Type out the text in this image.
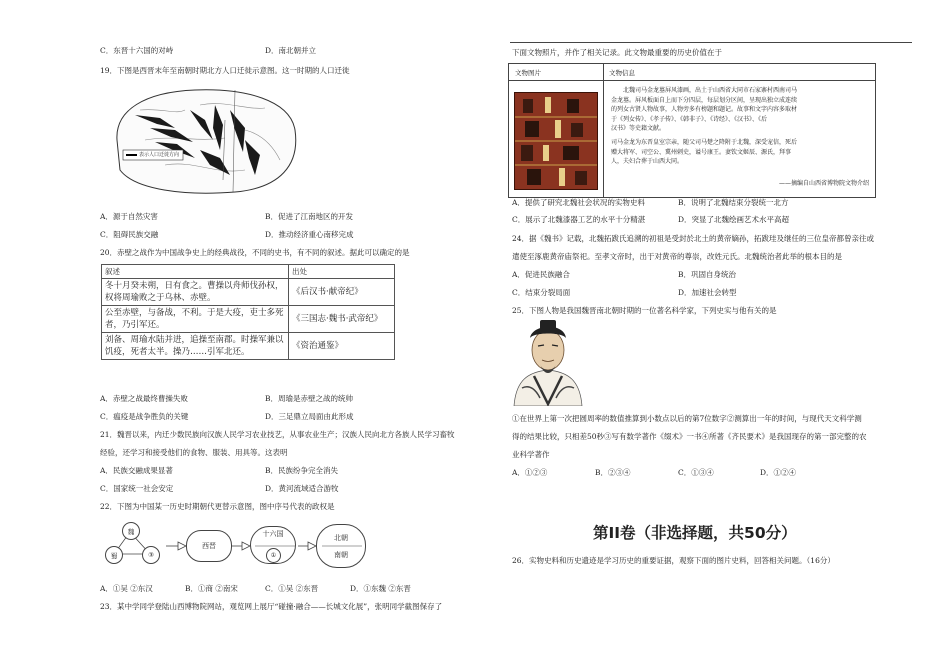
C．东晋十六国的对峙	D．南北朝并立
19．下图是西晋末年至南朝时期北方人口迁徙示意图。这一时期的人口迁徙
表示人口迁徙方向
A．源于自然灾害	B．促进了江南地区的开发
C．阻碍民族交融	D．推动经济重心南移完成
20．赤壁之战作为中国战争史上的经典战役，不同的史书，有不同的叙述。据此可以确定的是
叙述	出处
冬十月癸未朔，日有食之。曹操以舟师伐孙权，权将周瑜败之于乌林、赤壁。	《后汉书·献帝纪》
公至赤壁，与备战，不利。于是大疫，吏士多死者，乃引军还。	《三国志·魏书·武帝纪》
刘备、周瑜水陆并进，追操至南郡。时操军兼以饥疫，死者太半。操乃……引军北还。	《资治通鉴》
A．赤壁之战最终曹操失败	B．周瑜是赤壁之战的统帅
C．瘟疫是战争胜负的关键	D．三足鼎立局面由此形成
21．魏晋以来，内迁少数民族向汉族人民学习农业技艺，从事农业生产；汉族人民向北方各族人民学习畜牧
经验，还学习和接受他们的食物、服装、用具等。这表明
A．民族交融成果显著	B．民族纷争完全消失
C．国家统一社会安定	D．黄河流域适合游牧
22．下图为中国某一历史时期朝代更替示意图，图中序号代表的政权是
魏
蜀	③
西晋
十六国
①
北朝
南朝
A．①吴 ②东汉	B．①商 ②南宋	C．①吴 ②东晋	D．①东魏 ②东晋
23．某中学同学登陆山西博物院网站，观览网上展厅“碰撞·融合——长城文化展”，张明同学截图保存了
下面文物照片，并作了相关记录。此文物最重要的历史价值在于
文物图片	文物信息
北魏司马金龙墓屏风漆画，出土于山西省大同市石家寨村西南司马
金龙墓。屏风板面自上而下分四层，每层划分区间，呈现出独立成连续
的列女古贤人物故事，人物旁多有榜题和题记。故事和文字内容多取材
于《列女传》、《孝子传》、《韩非子》、《诗经》、《汉书》、《后
汉书》等史籍文献。
司马金龙为东晋皇室宗亲，随父司马楚之降附于北魏，深受宠信，死后
赠大将军、司空公、冀州刺史，谥号康王。妻钦文姬辰、源氏，拜事
人，夫妇合葬于山西大同。
——摘编自山西省博物院文物介绍
A．提供了研究北魏社会状况的实物史料	B．说明了北魏结束分裂统一北方
C．展示了北魏漆器工艺的水平十分精湛	D．突显了北魏绘画艺术水平高超
24．据《魏书》记载，北魏拓跋氏追溯的初祖是受封於北土的黄帝嫡孙，拓跋珪及继任的三位皇帝都曾亲往或
遣使至涿鹿黄帝庙祭祀。至孝文帝时，出于对黄帝的尊崇，改姓元氏。北魏统治者此举的根本目的是
A．促进民族融合	B．巩固自身统治
C．结束分裂局面	D．加速社会转型
25．下图人物是我国魏晋南北朝时期的一位著名科学家，下列史实与他有关的是
①在世界上第一次把圆周率的数值推算到小数点以后的第7位数字②测算出一年的时间，与现代天文科学测
得的结果比较，只相差50秒③写有数学著作《缀术》一书④所著《齐民要术》是我国现存的第一部完整的农
业科学著作
A．①②③	B．②③④	C．①③④	D．①②④
第II卷（非选择题，共50分）
26．实物史料和历史遗迹是学习历史的重要证据，观察下面的图片史料，回答相关问题。（16分）
